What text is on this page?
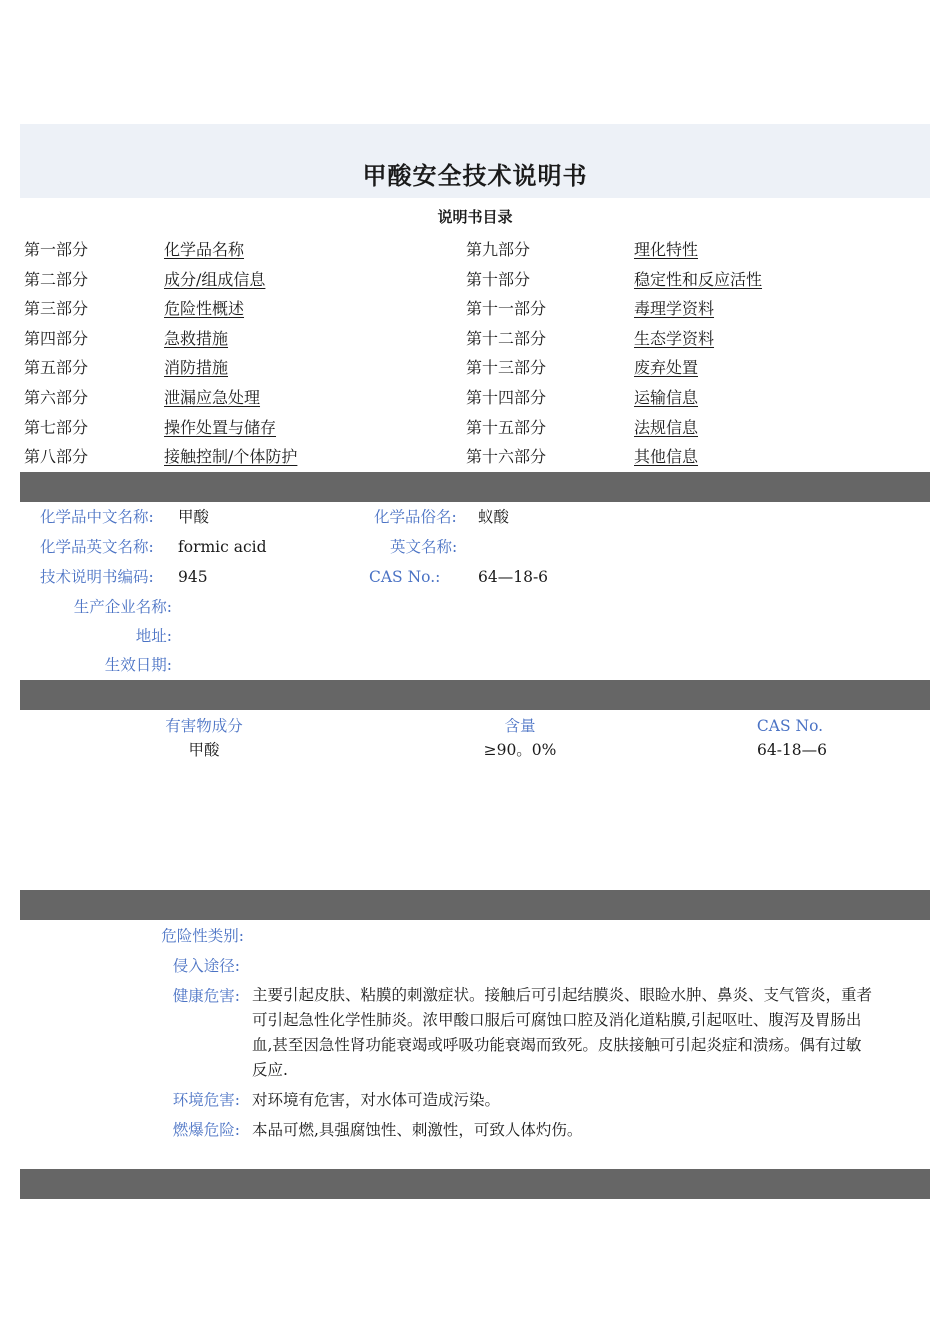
甲酸安全技术说明书
说明书目录
第一部分	化学品名称
第二部分	成分/组成信息
第三部分	危险性概述
第四部分	急救措施
第五部分	消防措施
第六部分	泄漏应急处理
第七部分	操作处置与储存
第八部分	接触控制/个体防护
第九部分	理化特性
第十部分	稳定性和反应活性
第十一部分	毒理学资料
第十二部分	生态学资料
第十三部分	废弃处置
第十四部分	运输信息
第十五部分	法规信息
第十六部分	其他信息
化学品中文名称: 甲酸	化学品俗名: 蚁酸
化学品英文名称: formic acid	英文名称:
技术说明书编码: 945	CAS No.: 64—18-6
生产企业名称:
地址:
生效日期:
有害物成分	含量	CAS No.
甲酸	≥90。0%	64-18—6
危险性类别:
侵入途径:
健康危害: 主要引起皮肤、粘膜的刺激症状。接触后可引起结膜炎、眼睑水肿、鼻炎、支气管炎，重者
可引起急性化学性肺炎。浓甲酸口服后可腐蚀口腔及消化道粘膜,引起呕吐、腹泻及胃肠出
血,甚至因急性肾功能衰竭或呼吸功能衰竭而致死。皮肤接触可引起炎症和溃疡。偶有过敏
反应.
环境危害: 对环境有危害，对水体可造成污染。
燃爆危险: 本品可燃,具强腐蚀性、刺激性，可致人体灼伤。
